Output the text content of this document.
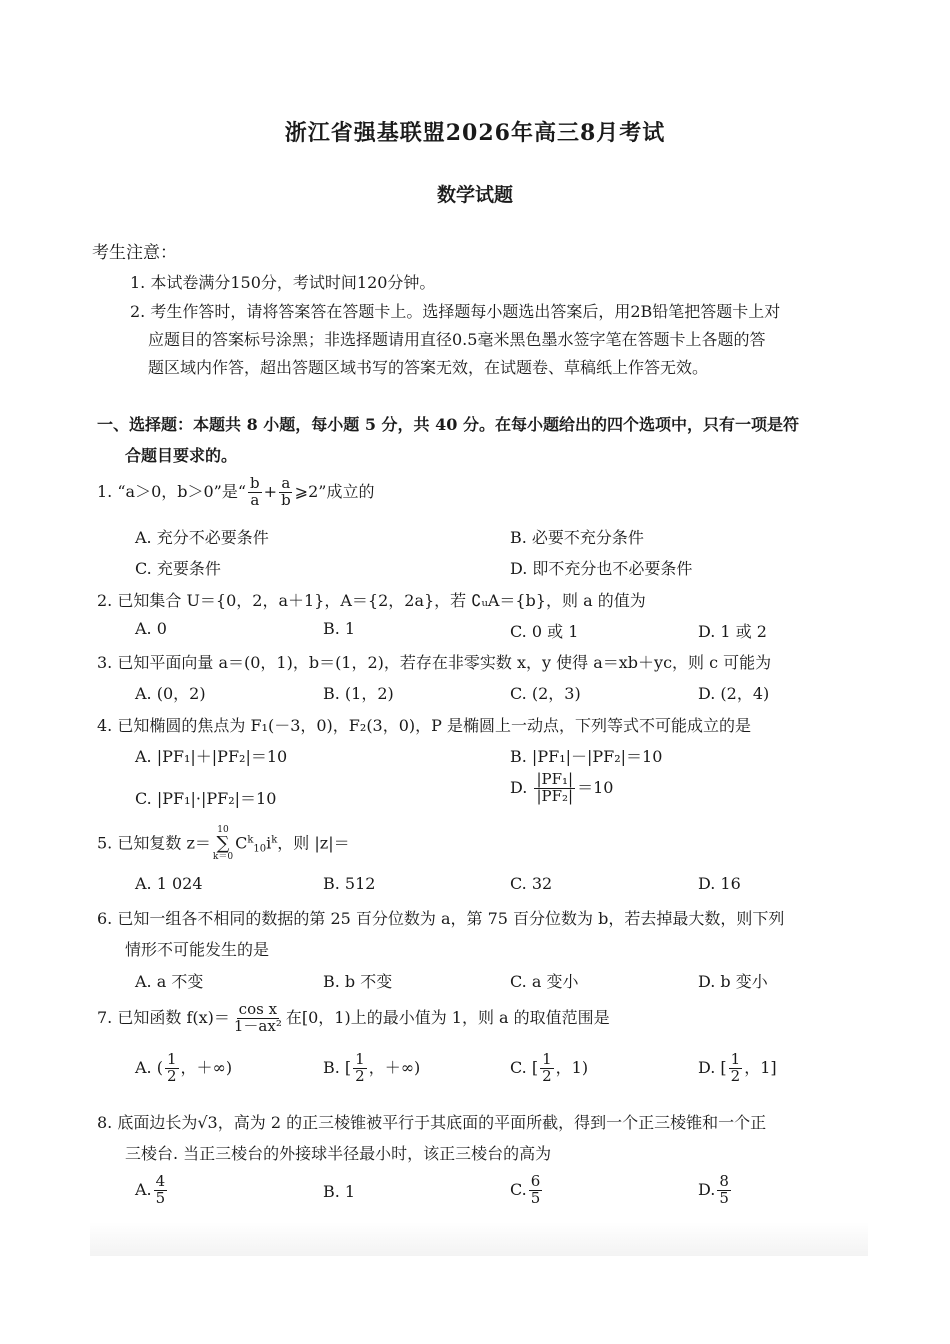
浙江省强基联盟2026年高三8月考试
数学试题
考生注意：
1. 本试卷满分150分，考试时间120分钟。
2. 考生作答时，请将答案答在答题卡上。选择题每小题选出答案后，用2B铅笔把答题卡上对
应题目的答案标号涂黑；非选择题请用直径0.5毫米黑色墨水签字笔在答题卡上各题的答
题区域内作答，超出答题区域书写的答案无效，在试题卷、草稿纸上作答无效。
一、选择题：本题共 8 小题，每小题 5 分，共 40 分。在每小题给出的四个选项中，只有一项是符
合题目要求的。
1. “a＞0，b＞0”是“ $\frac{b}{a} + \frac{a}{b}$ ⩾2”成立的
A. 充分不必要条件	B. 必要不充分条件
C. 充要条件	D. 即不充分也不必要条件
2. 已知集合 U＝{0，2，a＋1}，A＝{2，2a}，若 ∁ᵤA＝{b}，则 a 的值为
A. 0	B. 1	C. 0 或 1	D. 1 或 2
3. 已知平面向量 a＝(0，1)，b＝(1，2)，若存在非零实数 x，y 使得 a＝xb＋yc，则 c 可能为
A. (0，2)	B. (1，2)	C. (2，3)	D. (2，4)
4. 已知椭圆的焦点为 F₁(－3，0)，F₂(3，0)，P 是椭圆上一动点，下列等式不可能成立的是
A. |PF₁|＋|PF₂|＝10	B. |PF₁|－|PF₂|＝10
C. |PF₁|·|PF₂|＝10
D. $\frac{\text{|PF₁|}}{\text{|PF₂|}} =10$
5. 已知复数 z＝
10
∑
k＝0
$C^k_{10}i^k$，则 |z|＝
A. 1 024	B. 512	C. 32	D. 16
6. 已知一组各不相同的数据的第 25 百分位数为 a，第 75 百分位数为 b，若去掉最大数，则下列
情形不可能发生的是
A. a 不变	B. b 不变	C. a 变小	D. b 变小
7. 已知函数 $f(x)= \frac{\text{cos x}}{\text{1－ax²}}$ 在[0，1)上的最小值为 1，则 a 的取值范围是
A. ( $\frac{1}{2}$ ，＋∞)	B. [ $\frac{1}{2}$ ，＋∞)	C. [ $\frac{1}{2}$ ，1)	D. [ $\frac{1}{2}$ ，1]
8. 底面边长为√3，高为 2 的正三棱锥被平行于其底面的平面所截，得到一个正三棱锥和一个正
三棱台. 当正三棱台的外接球半径最小时，该正三棱台的高为
A. $\frac{4}{5}$	B. 1	C. $\frac{6}{5}$	D. $\frac{8}{5}$
